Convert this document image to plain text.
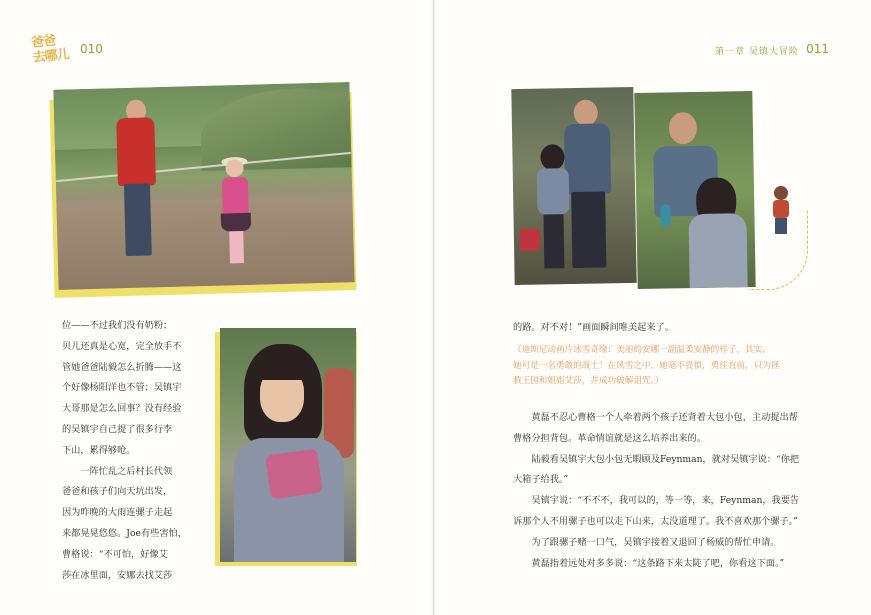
爸爸
去哪儿 010	第一章 吴镇大冒险 011

位——不过我们没有奶粉；

贝儿还真是心宽，完全放手不

管她爸爸陆毅怎么折腾——这

个好像杨阳洋也不管；吴镇宇

大哥那是怎么回事？没有经验

的吴镇宇自己提了很多行李

下山，累得够呛。

一阵忙乱之后村长代领

爸爸和孩子们向天坑出发，

因为昨晚的大雨连骡子走起

来都晃晃悠悠。Joe有些害怕，

曹格说：“不可怕，好像艾

莎在冰里面，安娜去找艾莎

的路。对不对！”画面瞬间唯美起来了。

（迪斯尼动画片冰雪奇缘：美丽的安娜一副温柔安静的样子，其实，

她可是一名勇敢的战士！在风雪之中，她毫不畏惧，勇往直前，只为拯

救王国和姐姐艾莎，并成功破解诅咒。）

黄磊不忍心曹格一个人牵着两个孩子还背着大包小包，主动提出帮

曹格分担背包。革命情谊就是这么培养出来的。

陆毅看吴镇宇大包小包无暇顾及Feynman，就对吴镇宇说：“你把

大箱子给我。”

吴镇宇说：“不不不，我可以的，等一等，来，Feynman，我要告

诉那个人不用骡子也可以走下山来，太没道理了。我不喜欢那个骡子。”

为了跟骡子赌一口气，吴镇宇接着又退回了杨威的帮忙申请。

黄磊指着远处对多多说：“这条路下来太陡了吧，你看这下面。”
